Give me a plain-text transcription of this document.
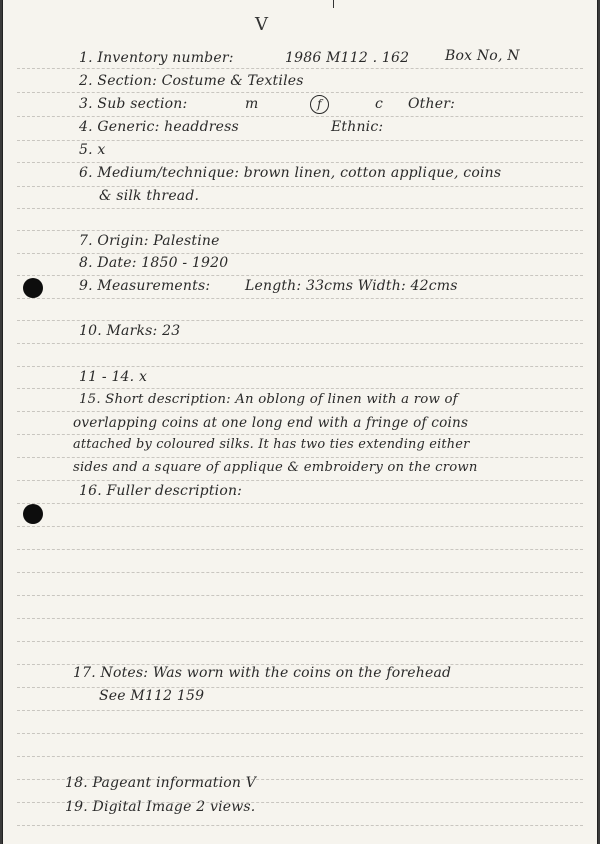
V
1. Inventory number:	1986 M112 . 162	Box No, N
2. Section: Costume & Textiles
3. Sub section:	m	f	c Other:
4. Generic: headdress	Ethnic:
5. x
6. Medium/technique: brown linen, cotton applique, coins
& silk thread.
7. Origin: Palestine
8. Date: 1850 - 1920
9. Measurements: Length: 33cms Width: 42cms
10. Marks: 23
11 - 14. x
15. Short description: An oblong of linen with a row of
overlapping coins at one long end with a fringe of coins
attached by coloured silks. It has two ties extending either
sides and a square of applique & embroidery on the crown
16. Fuller description:
17. Notes: Was worn with the coins on the forehead
See M112 159
18. Pageant information V
19. Digital Image 2 views.
